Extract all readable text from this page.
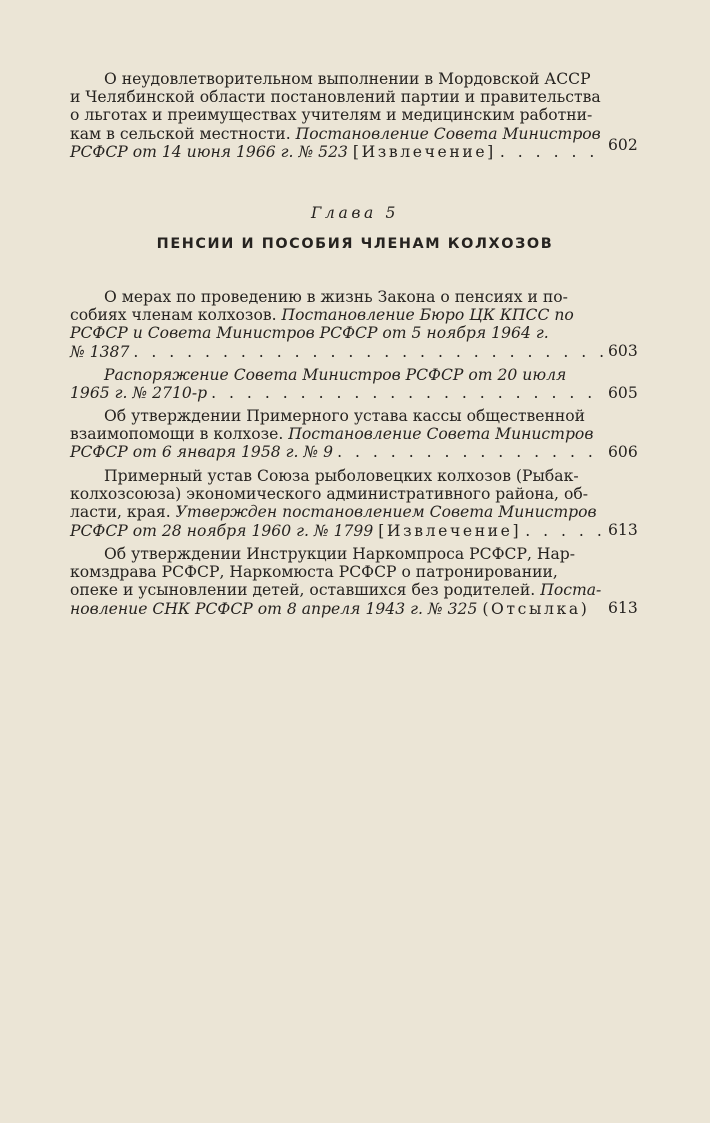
О неудовлетворительном выполнении в Мордовской АССР

и Челябинской области постановлений партии и правительства

о льготах и преимуществах учителям и медицинским работни-

кам в сельской местности. Постановление Совета Министров

РСФСР от 14 июня 1966 г. № 523
[Извлечение] . . .	602
Глава 5
ПЕНСИИ И ПОСОБИЯ ЧЛЕНАМ КОЛХОЗОВ

О мерах по проведению в жизнь Закона о пенсиях и по-

собиях членам колхозов. Постановление Бюро ЦК КПСС по

РСФСР и Совета Министров РСФСР от 5 ноября 1964 г.

№ 1387 . . .	603

Распоряжение Совета Министров РСФСР от 20 июля

1965 г. № 2710-р . . .	605

Об утверждении Примерного устава кассы общественной

взаимопомощи в колхозе. Постановление Совета Министров

РСФСР от 6 января 1958 г. № 9 . . .	606

Примерный устав Союза рыболовецких колхозов (Рыбак-

колхозсоюза) экономического административного района, об-

ласти, края. Утвержден постановлением Совета Министров

РСФСР от 28 ноября 1960 г. № 1799
[Извлечение] . . .	613

Об утверждении Инструкции Наркомпроса РСФСР, Нар-

комздрава РСФСР, Наркомюста РСФСР о патронировании,

опеке и усыновлении детей, оставшихся без родителей. Поста-

новление СНК РСФСР от 8 апреля 1943 г. № 325 (Отсылка)	613
